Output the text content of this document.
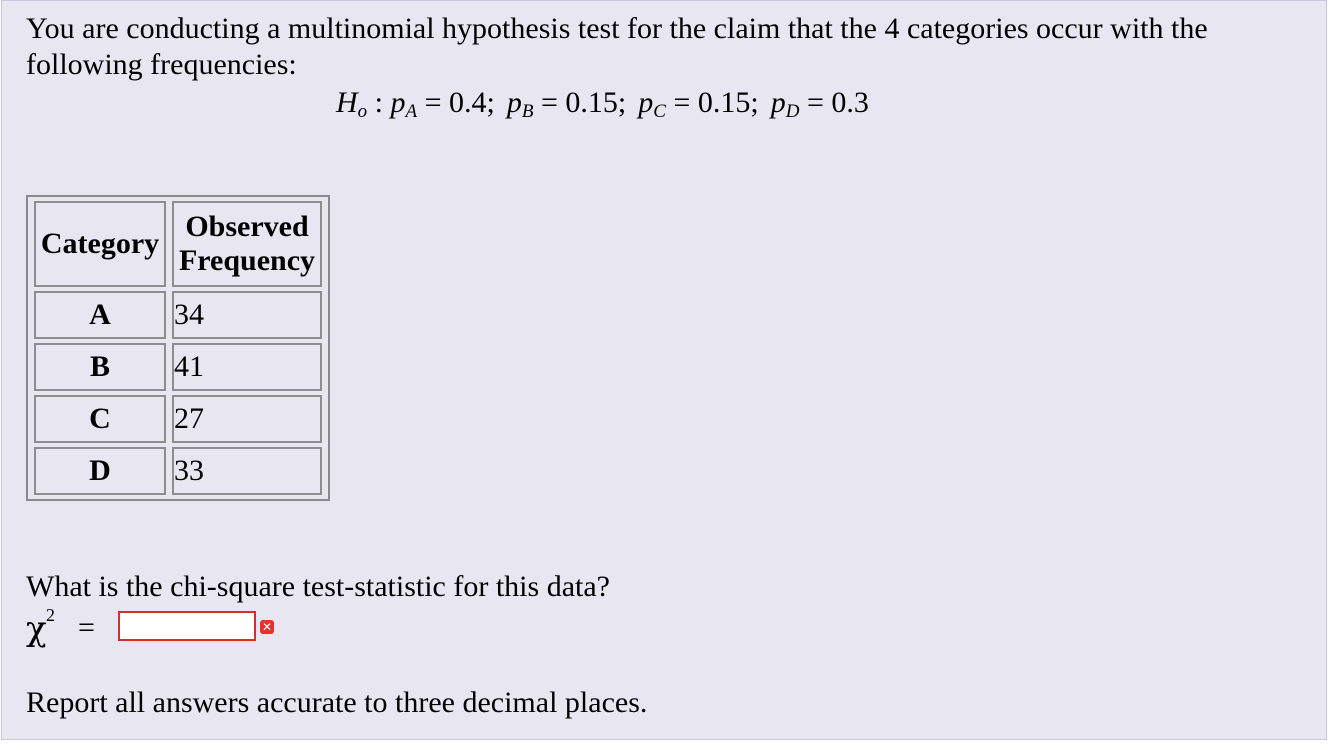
You are conducting a multinomial hypothesis test for the claim that the 4 categories occur with the following frequencies:
$H_o$ : $p_A = 0.4$; $p_B = 0.15$; $p_C = 0.15$; $p_D = 0.3$
Category	Observed Frequency
A	34
B	41
C	27
D	33
What is the chi-square test-statistic for this data?
χ 2 =	✕
Report all answers accurate to three decimal places.
